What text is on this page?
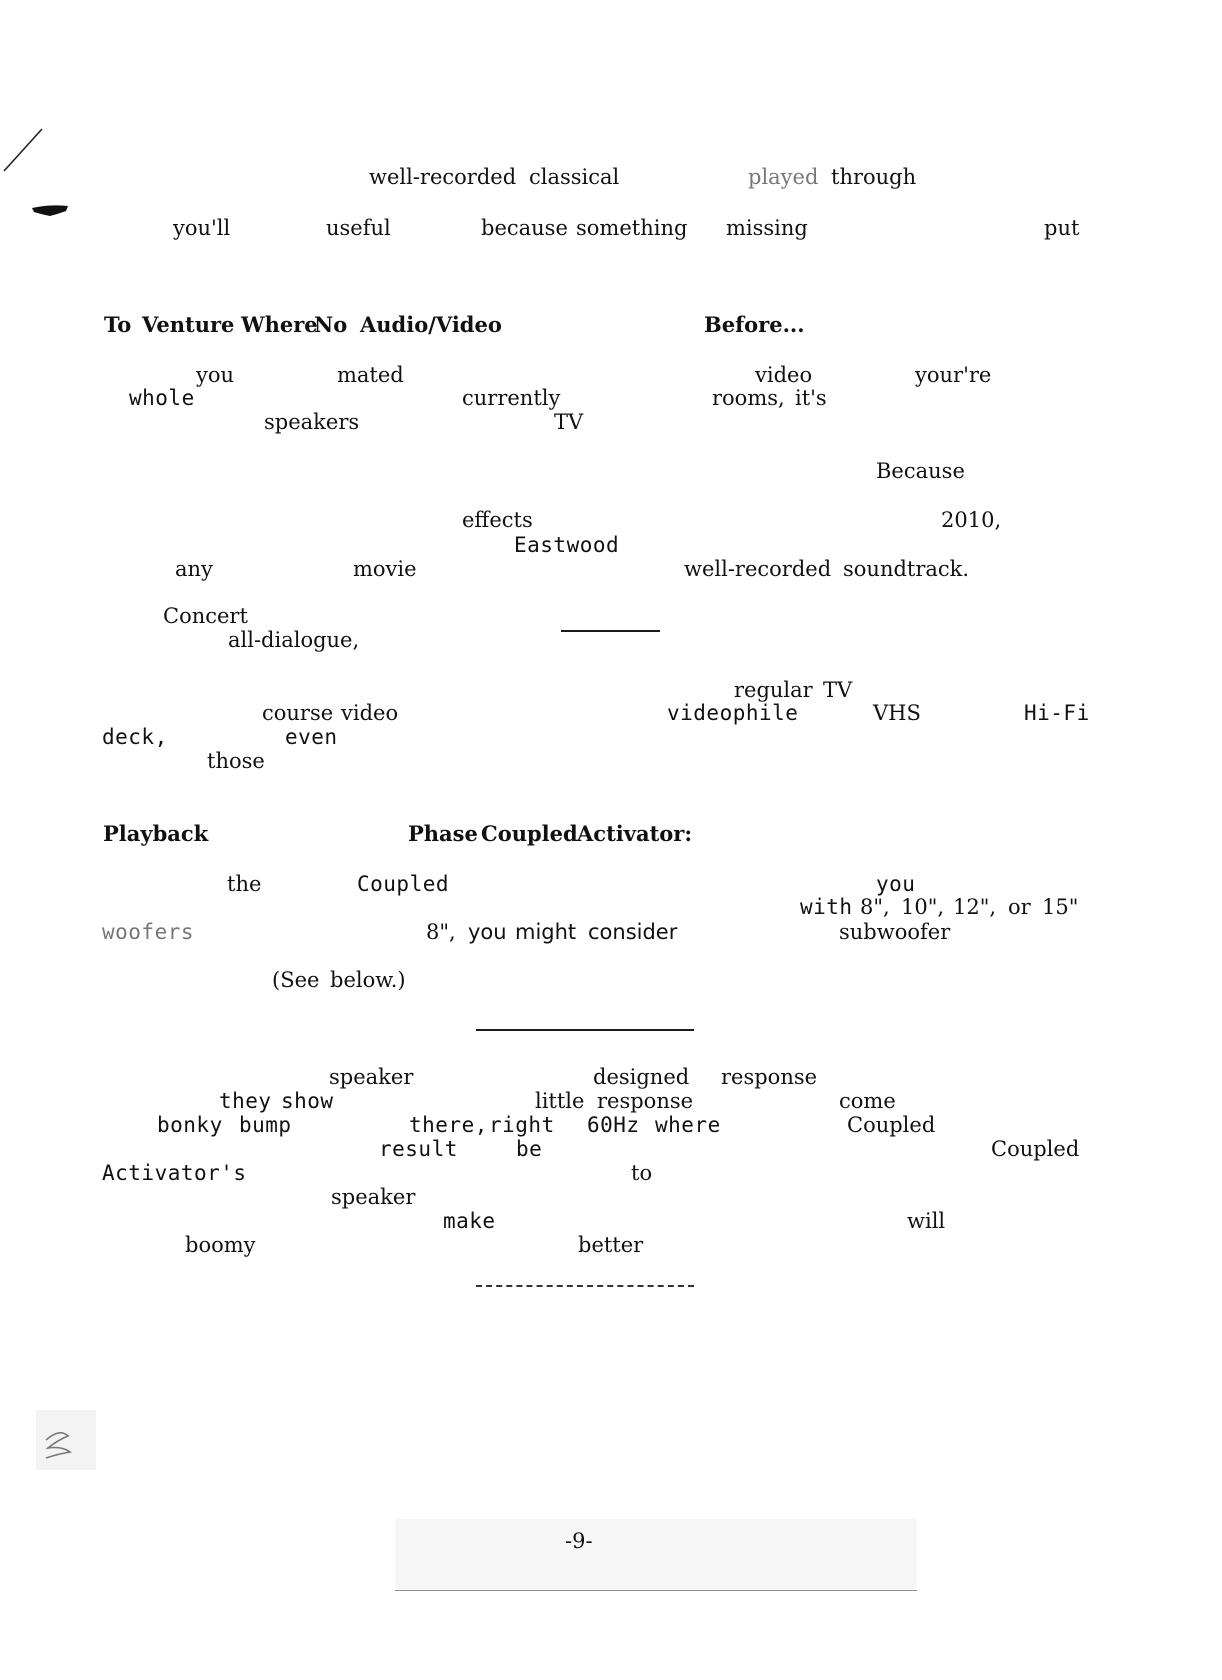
well-recorded classical	played through
you'll	useful	because something missing	put
To Venture Where
No Audio/Video	Before...
you	mated	video	your're
whole	currently	rooms, it's
speakers	TV
Because
effects	2010,
Eastwood
any	movie	well-recorded soundtrack.
Concert
all-dialogue,
regular TV
course video	videophile	VHS	Hi-Fi
deck,	even
those
Playback	Phase Coupled Activator:
the	Coupled	you
with 8", 10", 12", or 15"
woofers	8", you might consider	subwoofer
(See below.)
speaker	designed response
they show	little response	come
bonky bump	there, right 60Hz where	Coupled
result	be	Coupled
Activator's	to
speaker
make	will
boomy	better
-9-
